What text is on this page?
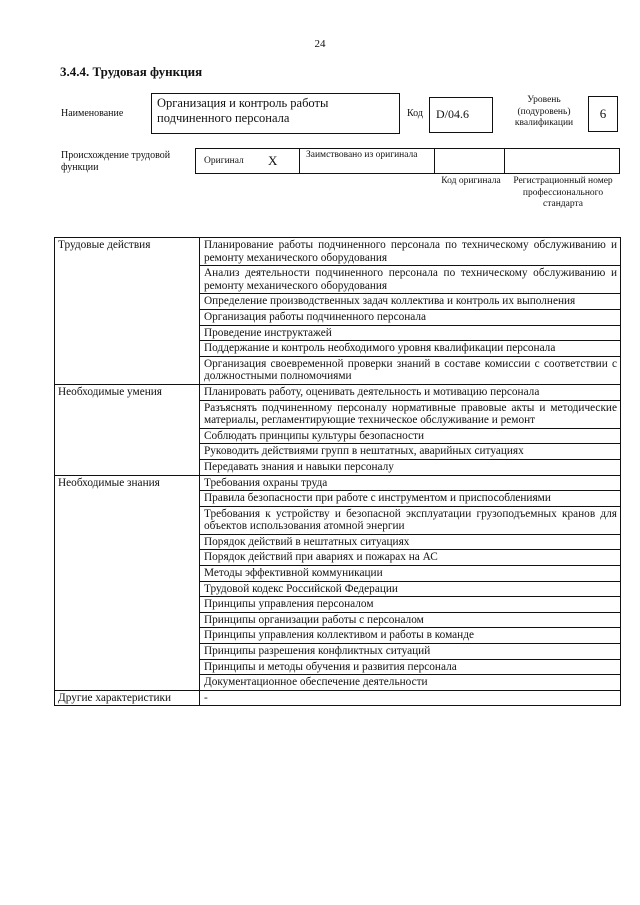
24
3.4.4. Трудовая функция
Наименование
Организация и контроль работы подчиненного персонала	Код	D/04.6
Уровень (подуровень) квалификации
6
Происхождение трудовой функции
Оригинал X	Заимствовано из оригинала
Код оригинала	Регистрационный номер профессионального стандарта
Трудовые действия	Планирование работы подчиненного персонала по техническому обслуживанию и ремонту механического оборудования
	Анализ деятельности подчиненного персонала по техническому обслуживанию и ремонту механического оборудования
	Определение производственных задач коллектива и контроль их выполнения
	Организация работы подчиненного персонала
	Проведение инструктажей
	Поддержание и контроль необходимого уровня квалификации персонала
	Организация своевременной проверки знаний в составе комиссии с соответствии с должностными полномочиями
Необходимые умения	Планировать работу, оценивать деятельность и мотивацию персонала
	Разъяснять подчиненному персоналу нормативные правовые акты и методические материалы, регламентирующие техническое обслуживание и ремонт
	Соблюдать принципы культуры безопасности
	Руководить действиями групп в нештатных, аварийных ситуациях
	Передавать знания и навыки персоналу
Необходимые знания	Требования охраны труда
	Правила безопасности при работе с инструментом и приспособлениями
	Требования к устройству и безопасной эксплуатации грузоподъемных кранов для объектов использования атомной энергии
	Порядок действий в нештатных ситуациях
	Порядок действий при авариях и пожарах на АС
	Методы эффективной коммуникации
	Трудовой кодекс Российской Федерации
	Принципы управления персоналом
	Принципы организации работы с персоналом
	Принципы управления коллективом и работы в команде
	Принципы разрешения конфликтных ситуаций
	Принципы и методы обучения и развития персонала
	Документационное обеспечение деятельности
Другие характеристики	-
